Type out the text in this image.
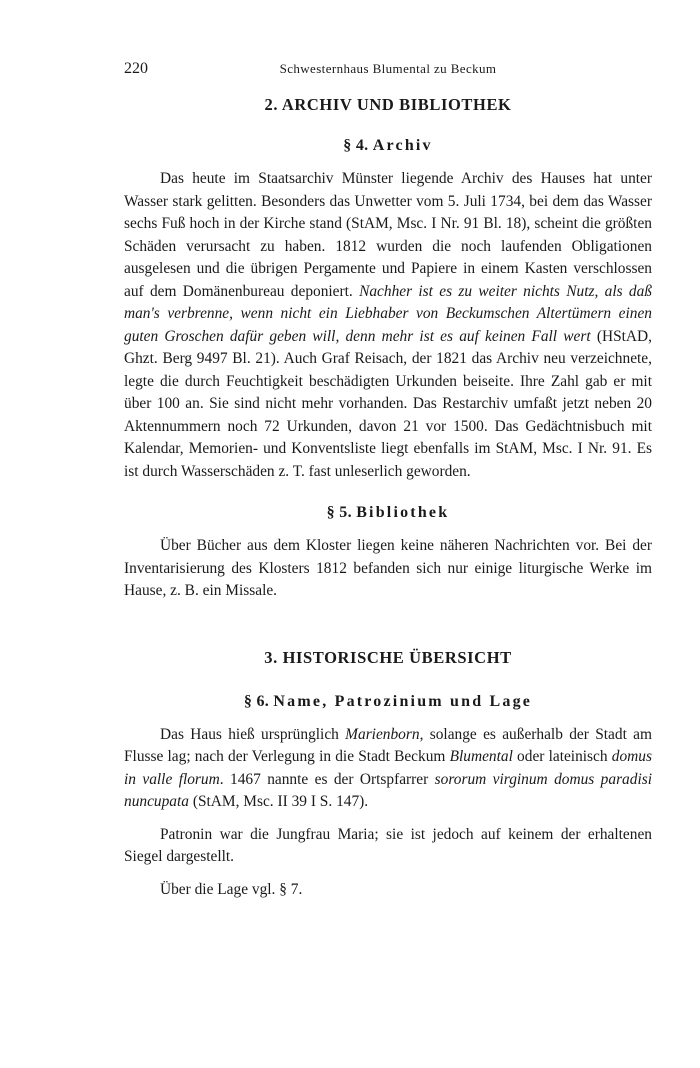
220	Schwesternhaus Blumental zu Beckum
2. ARCHIV UND BIBLIOTHEK
§ 4. Archiv

Das heute im Staatsarchiv Münster liegende Archiv des Hauses hat unter Wasser stark gelitten. Besonders das Unwetter vom 5. Juli 1734, bei dem das Wasser sechs Fuß hoch in der Kirche stand (StAM, Msc. I Nr. 91 Bl. 18), scheint die größten Schäden verursacht zu haben. 1812 wurden die noch laufenden Obligationen ausgelesen und die übrigen Pergamente und Papiere in einem Kasten verschlossen auf dem Domänenbureau deponiert. Nachher ist es zu weiter nichts Nutz, als daß man's verbrenne, wenn nicht ein Liebhaber von Beckumschen Altertümern einen guten Groschen dafür geben will, denn mehr ist es auf keinen Fall wert (HStAD, Ghzt. Berg 9497 Bl. 21). Auch Graf Reisach, der 1821 das Archiv neu verzeichnete, legte die durch Feuchtigkeit beschädigten Urkunden beiseite. Ihre Zahl gab er mit über 100 an. Sie sind nicht mehr vorhanden. Das Restarchiv umfaßt jetzt neben 20 Aktennummern noch 72 Urkunden, davon 21 vor 1500. Das Gedächtnisbuch mit Kalendar, Memorien- und Konventsliste liegt ebenfalls im StAM, Msc. I Nr. 91. Es ist durch Wasserschäden z. T. fast unleserlich geworden.

§ 5. Bibliothek

Über Bücher aus dem Kloster liegen keine näheren Nachrichten vor. Bei der Inventarisierung des Klosters 1812 befanden sich nur einige liturgische Werke im Hause, z. B. ein Missale.

3. HISTORISCHE ÜBERSICHT
§ 6. Name, Patrozinium und Lage

Das Haus hieß ursprünglich Marienborn, solange es außerhalb der Stadt am Flusse lag; nach der Verlegung in die Stadt Beckum Blumental oder lateinisch domus in valle florum. 1467 nannte es der Ortspfarrer sororum virginum domus paradisi nuncupata (StAM, Msc. II 39 I S. 147).

Patronin war die Jungfrau Maria; sie ist jedoch auf keinem der erhaltenen Siegel dargestellt.

Über die Lage vgl. § 7.
